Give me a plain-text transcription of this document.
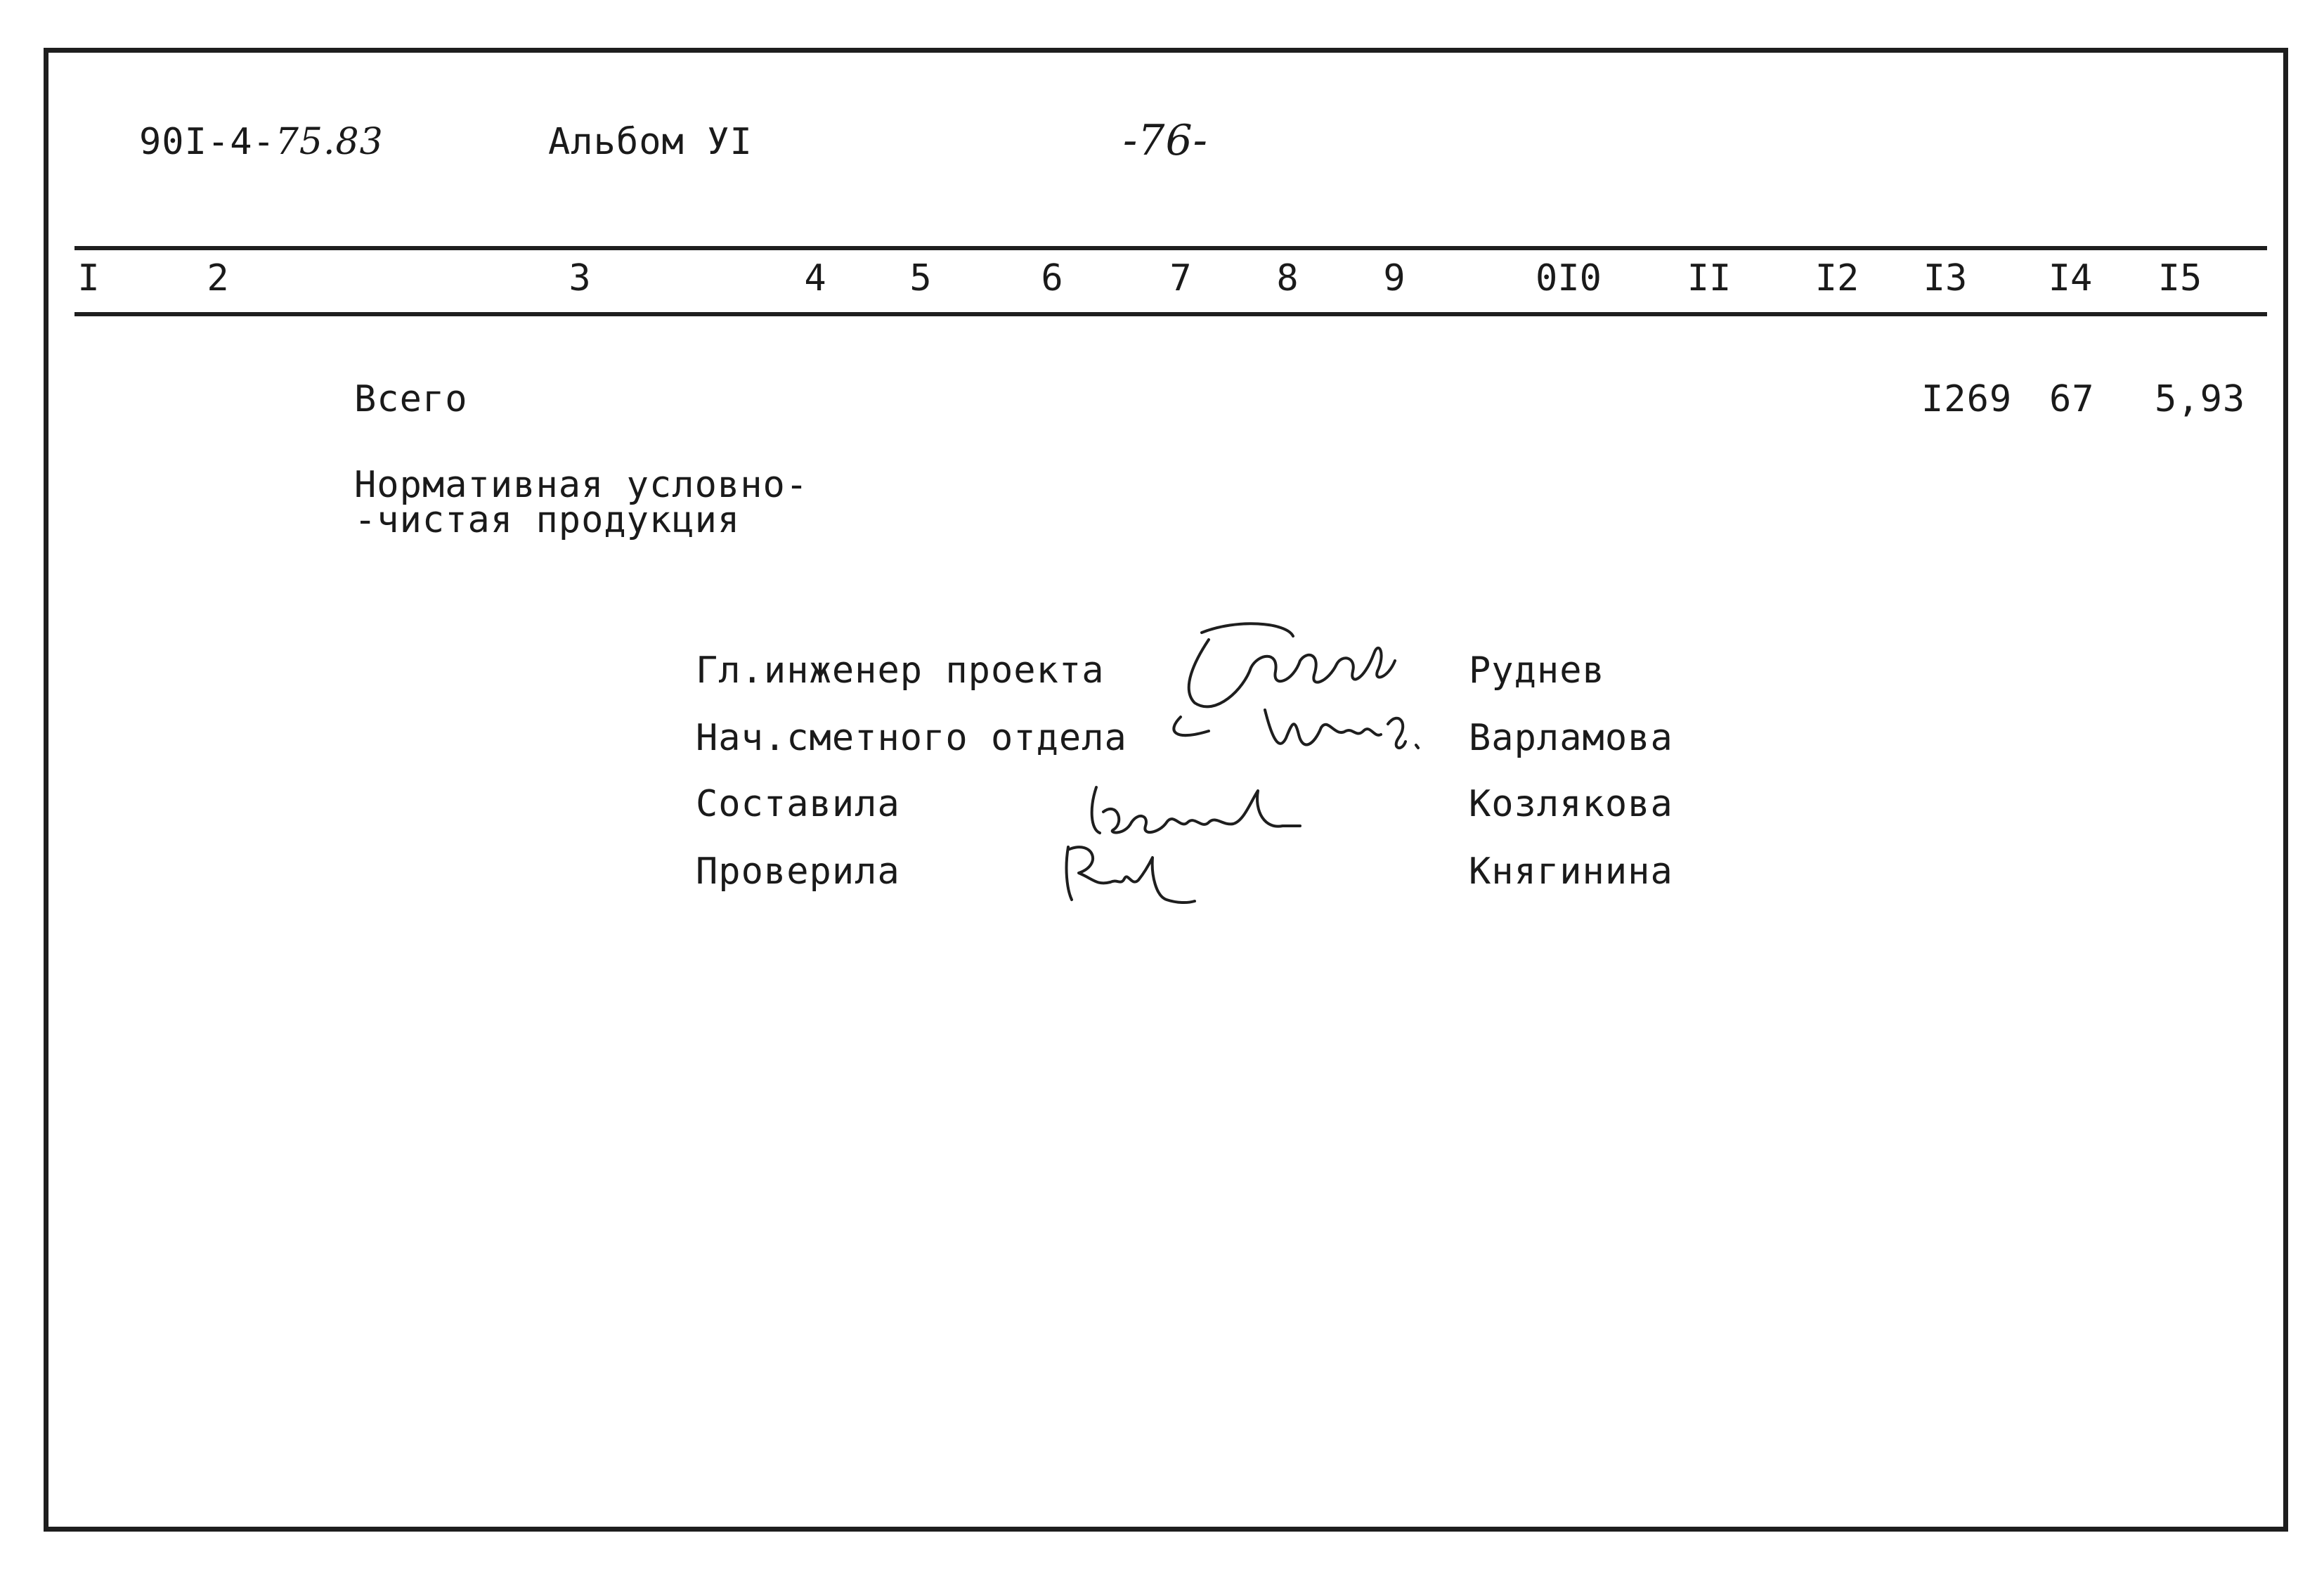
90I-4-75.83	Альбом УI	-76-
I	2	3	4 5	6	7 8 9	0I0 II I2 I3 I4 I5
Всего	I269 67 5,93
Нормативная условно-
-чистая продукция
Гл.инженер проекта	Руднев
Нач.сметного отдела	Варламова
Составила	Козлякова
Проверила	Княгинина
